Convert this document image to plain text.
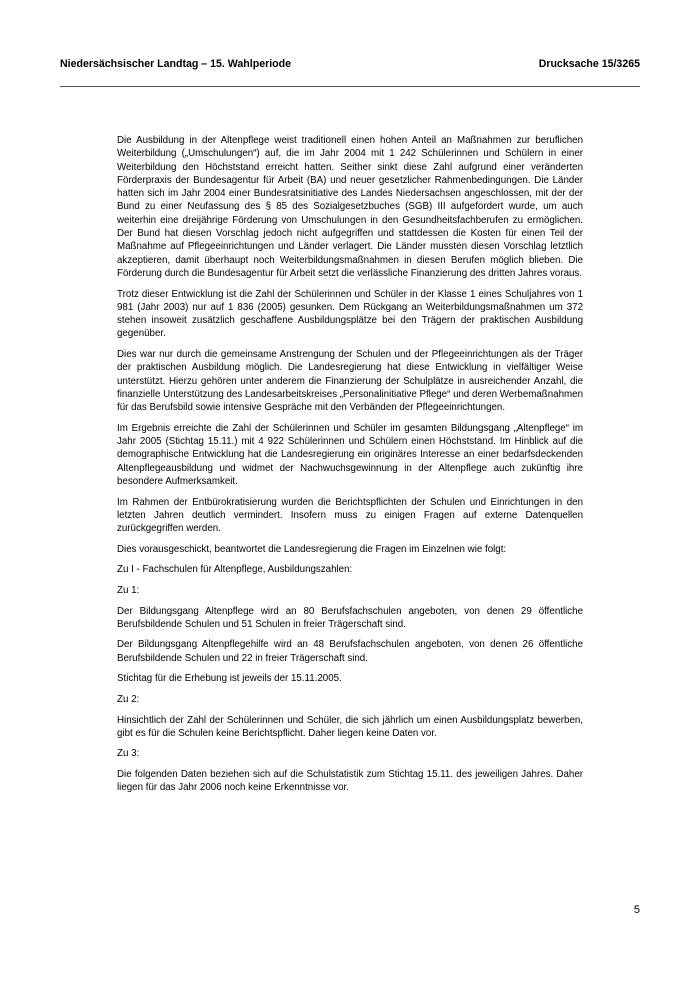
Niedersächsischer Landtag – 15. Wahlperiode	Drucksache 15/3265

Die Ausbildung in der Altenpflege weist traditionell einen hohen Anteil an Maßnahmen zur beruflichen Weiterbildung („Umschulungen“) auf, die im Jahr 2004 mit 1 242 Schülerinnen und Schülern in einer Weiterbildung den Höchststand erreicht hatten. Seither sinkt diese Zahl aufgrund einer veränderten Förderpraxis der Bundesagentur für Arbeit (BA) und neuer gesetzlicher Rahmenbedingungen. Die Länder hatten sich im Jahr 2004 einer Bundesratsinitiative des Landes Niedersachsen angeschlossen, mit der der Bund zu einer Neufassung des § 85 des Sozialgesetzbuches (SGB) III aufgefordert wurde, um auch weiterhin eine dreijährige Förderung von Umschulungen in den Gesundheitsfachberufen zu ermöglichen. Der Bund hat diesen Vorschlag jedoch nicht aufgegriffen und stattdessen die Kosten für einen Teil der Maßnahme auf Pflegeeinrichtungen und Länder verlagert. Die Länder mussten diesen Vorschlag letztlich akzeptieren, damit überhaupt noch Weiterbildungsmaßnahmen in diesen Berufen möglich blieben. Die Förderung durch die Bundesagentur für Arbeit setzt die verlässliche Finanzierung des dritten Jahres voraus.

Trotz dieser Entwicklung ist die Zahl der Schülerinnen und Schüler in der Klasse 1 eines Schuljahres von 1 981 (Jahr 2003) nur auf 1 836 (2005) gesunken. Dem Rückgang an Weiterbildungsmaßnahmen um 372 stehen insoweit zusätzlich geschaffene Ausbildungsplätze bei den Trägern der praktischen Ausbildung gegenüber.

Dies war nur durch die gemeinsame Anstrengung der Schulen und der Pflegeeinrichtungen als der Träger der praktischen Ausbildung möglich. Die Landesregierung hat diese Entwicklung in vielfältiger Weise unterstützt. Hierzu gehören unter anderem die Finanzierung der Schulplätze in ausreichender Anzahl, die finanzielle Unterstützung des Landesarbeitskreises „Personalinitiative Pflege“ und deren Werbemaßnahmen für das Berufsbild sowie intensive Gespräche mit den Verbänden der Pflegeeinrichtungen.

Im Ergebnis erreichte die Zahl der Schülerinnen und Schüler im gesamten Bildungsgang „Altenpflege“ im Jahr 2005 (Stichtag 15.11.) mit 4 922 Schülerinnen und Schülern einen Höchststand. Im Hinblick auf die demographische Entwicklung hat die Landesregierung ein originäres Interesse an einer bedarfsdeckenden Altenpflegeausbildung und widmet der Nachwuchsgewinnung in der Altenpflege auch zukünftig ihre besondere Aufmerksamkeit.

Im Rahmen der Entbürokratisierung wurden die Berichtspflichten der Schulen und Einrichtungen in den letzten Jahren deutlich vermindert. Insofern muss zu einigen Fragen auf externe Datenquellen zurückgegriffen werden.

Dies vorausgeschickt, beantwortet die Landesregierung die Fragen im Einzelnen wie folgt:

Zu I - Fachschulen für Altenpflege, Ausbildungszahlen:

Zu 1:

Der Bildungsgang Altenpflege wird an 80 Berufsfachschulen angeboten, von denen 29 öffentliche Berufsbildende Schulen und 51 Schulen in freier Trägerschaft sind.

Der Bildungsgang Altenpflegehilfe wird an 48 Berufsfachschulen angeboten, von denen 26 öffentliche Berufsbildende Schulen und 22 in freier Trägerschaft sind.

Stichtag für die Erhebung ist jeweils der 15.11.2005.

Zu 2:

Hinsichtlich der Zahl der Schülerinnen und Schüler, die sich jährlich um einen Ausbildungsplatz bewerben, gibt es für die Schulen keine Berichtspflicht. Daher liegen keine Daten vor.

Zu 3:

Die folgenden Daten beziehen sich auf die Schulstatistik zum Stichtag 15.11. des jeweiligen Jahres. Daher liegen für das Jahr 2006 noch keine Erkenntnisse vor.

5
